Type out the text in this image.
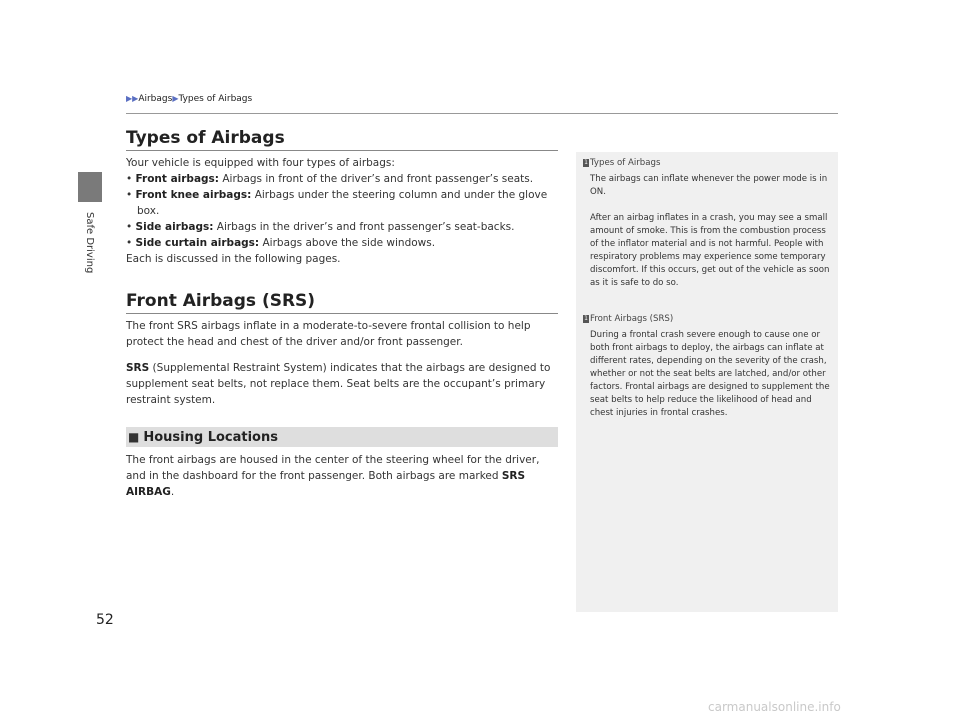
Safe Driving
▶▶Airbags▶Types of Airbags
Types of Airbags

Your vehicle is equipped with four types of airbags:

• Front airbags: Airbags in front of the driver’s and front passenger’s seats.

• Front knee airbags: Airbags under the steering column and under the glove box.

• Side airbags: Airbags in the driver’s and front passenger’s seat-backs.

• Side curtain airbags: Airbags above the side windows.

Each is discussed in the following pages.

Front Airbags (SRS)

The front SRS airbags inflate in a moderate-to-severe frontal collision to help protect the head and chest of the driver and/or front passenger.

SRS (Supplemental Restraint System) indicates that the airbags are designed to supplement seat belts, not replace them. Seat belts are the occupant’s primary restraint system.

■ Housing Locations

The front airbags are housed in the center of the steering wheel for the driver, and in the dashboard for the front passenger. Both airbags are marked SRS AIRBAG.

1 Types of Airbags

The airbags can inflate whenever the power mode is in ON.

After an airbag inflates in a crash, you may see a small amount of smoke. This is from the combustion process of the inflator material and is not harmful. People with respiratory problems may experience some temporary discomfort. If this occurs, get out of the vehicle as soon as it is safe to do so.

1 Front Airbags (SRS)

During a frontal crash severe enough to cause one or both front airbags to deploy, the airbags can inflate at different rates, depending on the severity of the crash, whether or not the seat belts are latched, and/or other factors. Frontal airbags are designed to supplement the seat belts to help reduce the likelihood of head and chest injuries in frontal crashes.

52
carmanualsonline.info
